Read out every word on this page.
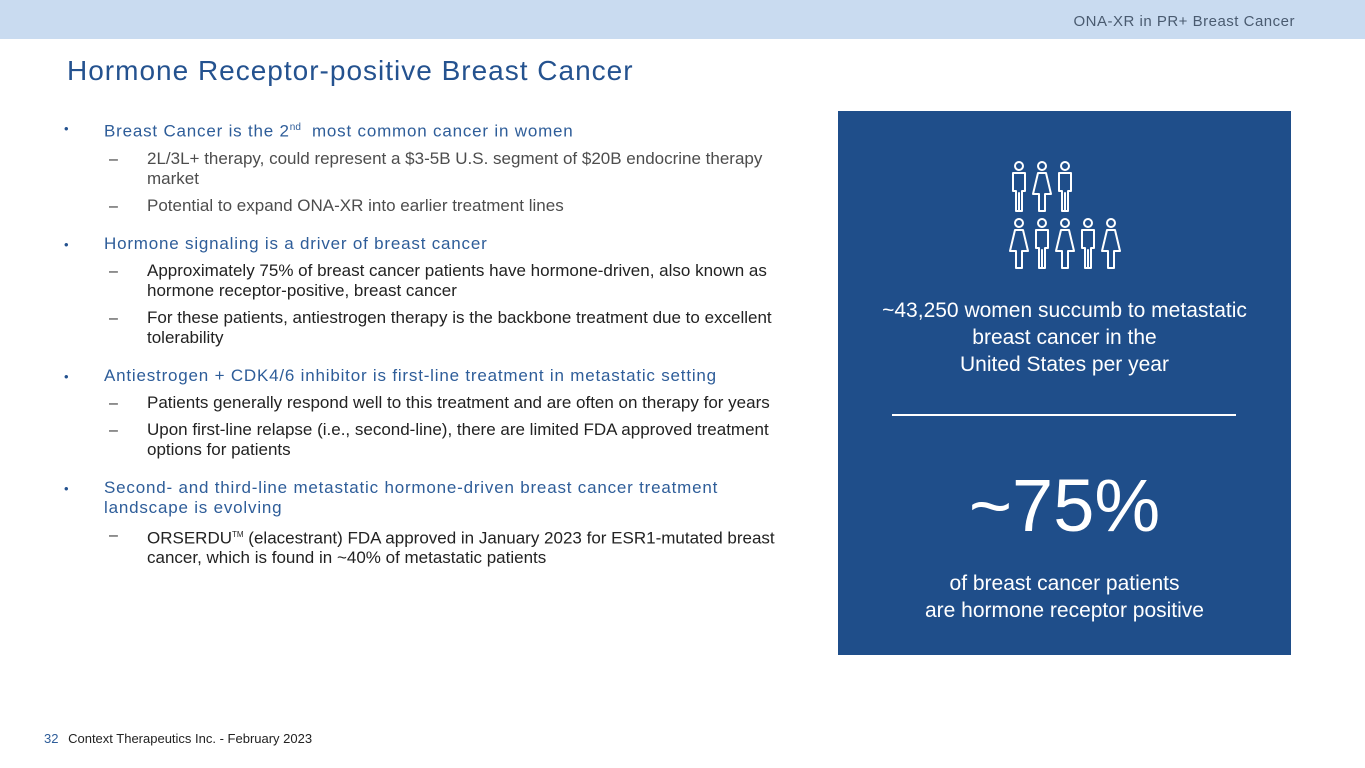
ONA-XR in PR+ Breast Cancer
Hormone Receptor-positive Breast Cancer
•	Breast Cancer is the 2nd  most common cancer in women
–	2L/3L+ therapy, could represent a $3-5B U.S. segment of $20B endocrine therapy market
–	Potential to expand ONA-XR into earlier treatment lines
•	Hormone signaling is a driver of breast cancer
–	Approximately 75% of breast cancer patients have hormone-driven, also known as hormone receptor-positive, breast cancer
–	For these patients, antiestrogen therapy is the backbone treatment due to excellent tolerability
•	Antiestrogen + CDK4/6 inhibitor is first-line treatment in metastatic setting
–	Patients generally respond well to this treatment and are often on therapy for years
–	Upon first-line relapse (i.e., second-line), there are limited FDA approved treatment options for patients
•	Second- and third-line metastatic hormone-driven breast cancer treatment landscape is evolving
–	ORSERDU™ (elacestrant) FDA approved in January 2023 for ESR1-mutated breast cancer, which is found in ~40% of metastatic patients
~43,250 women succumb to metastatic
breast cancer in the
United States per year
~75%
of breast cancer patients
are hormone receptor positive
32 Context Therapeutics Inc. - February 2023
